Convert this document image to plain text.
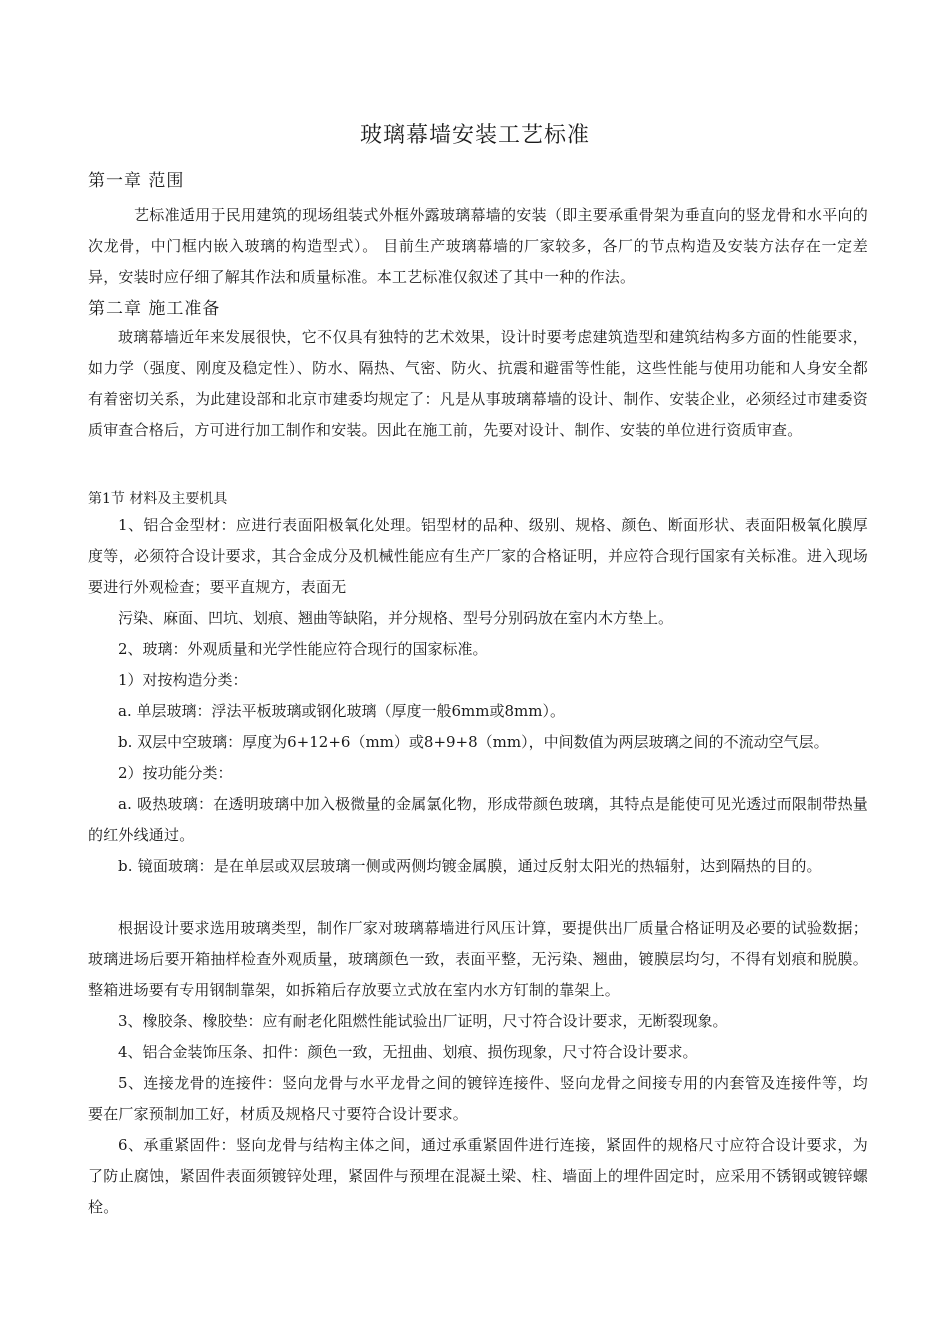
玻璃幕墙安装工艺标准
第一章 范围
艺标准适用于民用建筑的现场组装式外框外露玻璃幕墙的安装（即主要承重骨架为垂直向的竖龙骨和水平向的次龙骨，中门框内嵌入玻璃的构造型式）。 目前生产玻璃幕墙的厂家较多，各厂的节点构造及安装方法存在一定差异，安装时应仔细了解其作法和质量标准。本工艺标准仅叙述了其中一种的作法。
第二章 施工准备
玻璃幕墙近年来发展很快，它不仅具有独特的艺术效果，设计时要考虑建筑造型和建筑结构多方面的性能要求，如力学（强度、刚度及稳定性）、防水、隔热、气密、防火、抗震和避雷等性能，这些性能与使用功能和人身安全都有着密切关系，为此建设部和北京市建委均规定了：凡是从事玻璃幕墙的设计、制作、安装企业，必须经过市建委资质审查合格后，方可进行加工制作和安装。因此在施工前，先要对设计、制作、安装的单位进行资质审查。
第1节 材料及主要机具
1、铝合金型材：应进行表面阳极氧化处理。铝型材的品种、级别、规格、颜色、断面形状、表面阳极氧化膜厚度等，必须符合设计要求，其合金成分及机械性能应有生产厂家的合格证明，并应符合现行国家有关标准。进入现场要进行外观检查；要平直规方，表面无
污染、麻面、凹坑、划痕、翘曲等缺陷，并分规格、型号分别码放在室内木方垫上。
2、玻璃：外观质量和光学性能应符合现行的国家标准。
1）对按构造分类：
a. 单层玻璃：浮法平板玻璃或钢化玻璃（厚度一般6mm或8mm）。
b. 双层中空玻璃：厚度为6+12+6（mm）或8+9+8（mm），中间数值为两层玻璃之间的不流动空气层。
2）按功能分类：
a. 吸热玻璃：在透明玻璃中加入极微量的金属氯化物，形成带颜色玻璃，其特点是能使可见光透过而限制带热量的红外线通过。
b. 镜面玻璃：是在单层或双层玻璃一侧或两侧均镀金属膜，通过反射太阳光的热辐射，达到隔热的目的。
根据设计要求选用玻璃类型，制作厂家对玻璃幕墙进行风压计算，要提供出厂质量合格证明及必要的试验数据；玻璃进场后要开箱抽样检查外观质量，玻璃颜色一致，表面平整，无污染、翘曲，镀膜层均匀，不得有划痕和脱膜。整箱进场要有专用钢制靠架，如拆箱后存放要立式放在室内水方钉制的靠架上。
3、橡胶条、橡胶垫：应有耐老化阻燃性能试验出厂证明，尺寸符合设计要求，无断裂现象。
4、铝合金装饰压条、扣件：颜色一致，无扭曲、划痕、损伤现象，尺寸符合设计要求。
5、连接龙骨的连接件：竖向龙骨与水平龙骨之间的镀锌连接件、竖向龙骨之间接专用的内套管及连接件等，均要在厂家预制加工好，材质及规格尺寸要符合设计要求。
6、承重紧固件：竖向龙骨与结构主体之间，通过承重紧固件进行连接，紧固件的规格尺寸应符合设计要求，为了防止腐蚀，紧固件表面须镀锌处理，紧固件与预埋在混凝土梁、柱、墙面上的埋件固定时，应采用不锈钢或镀锌螺栓。
